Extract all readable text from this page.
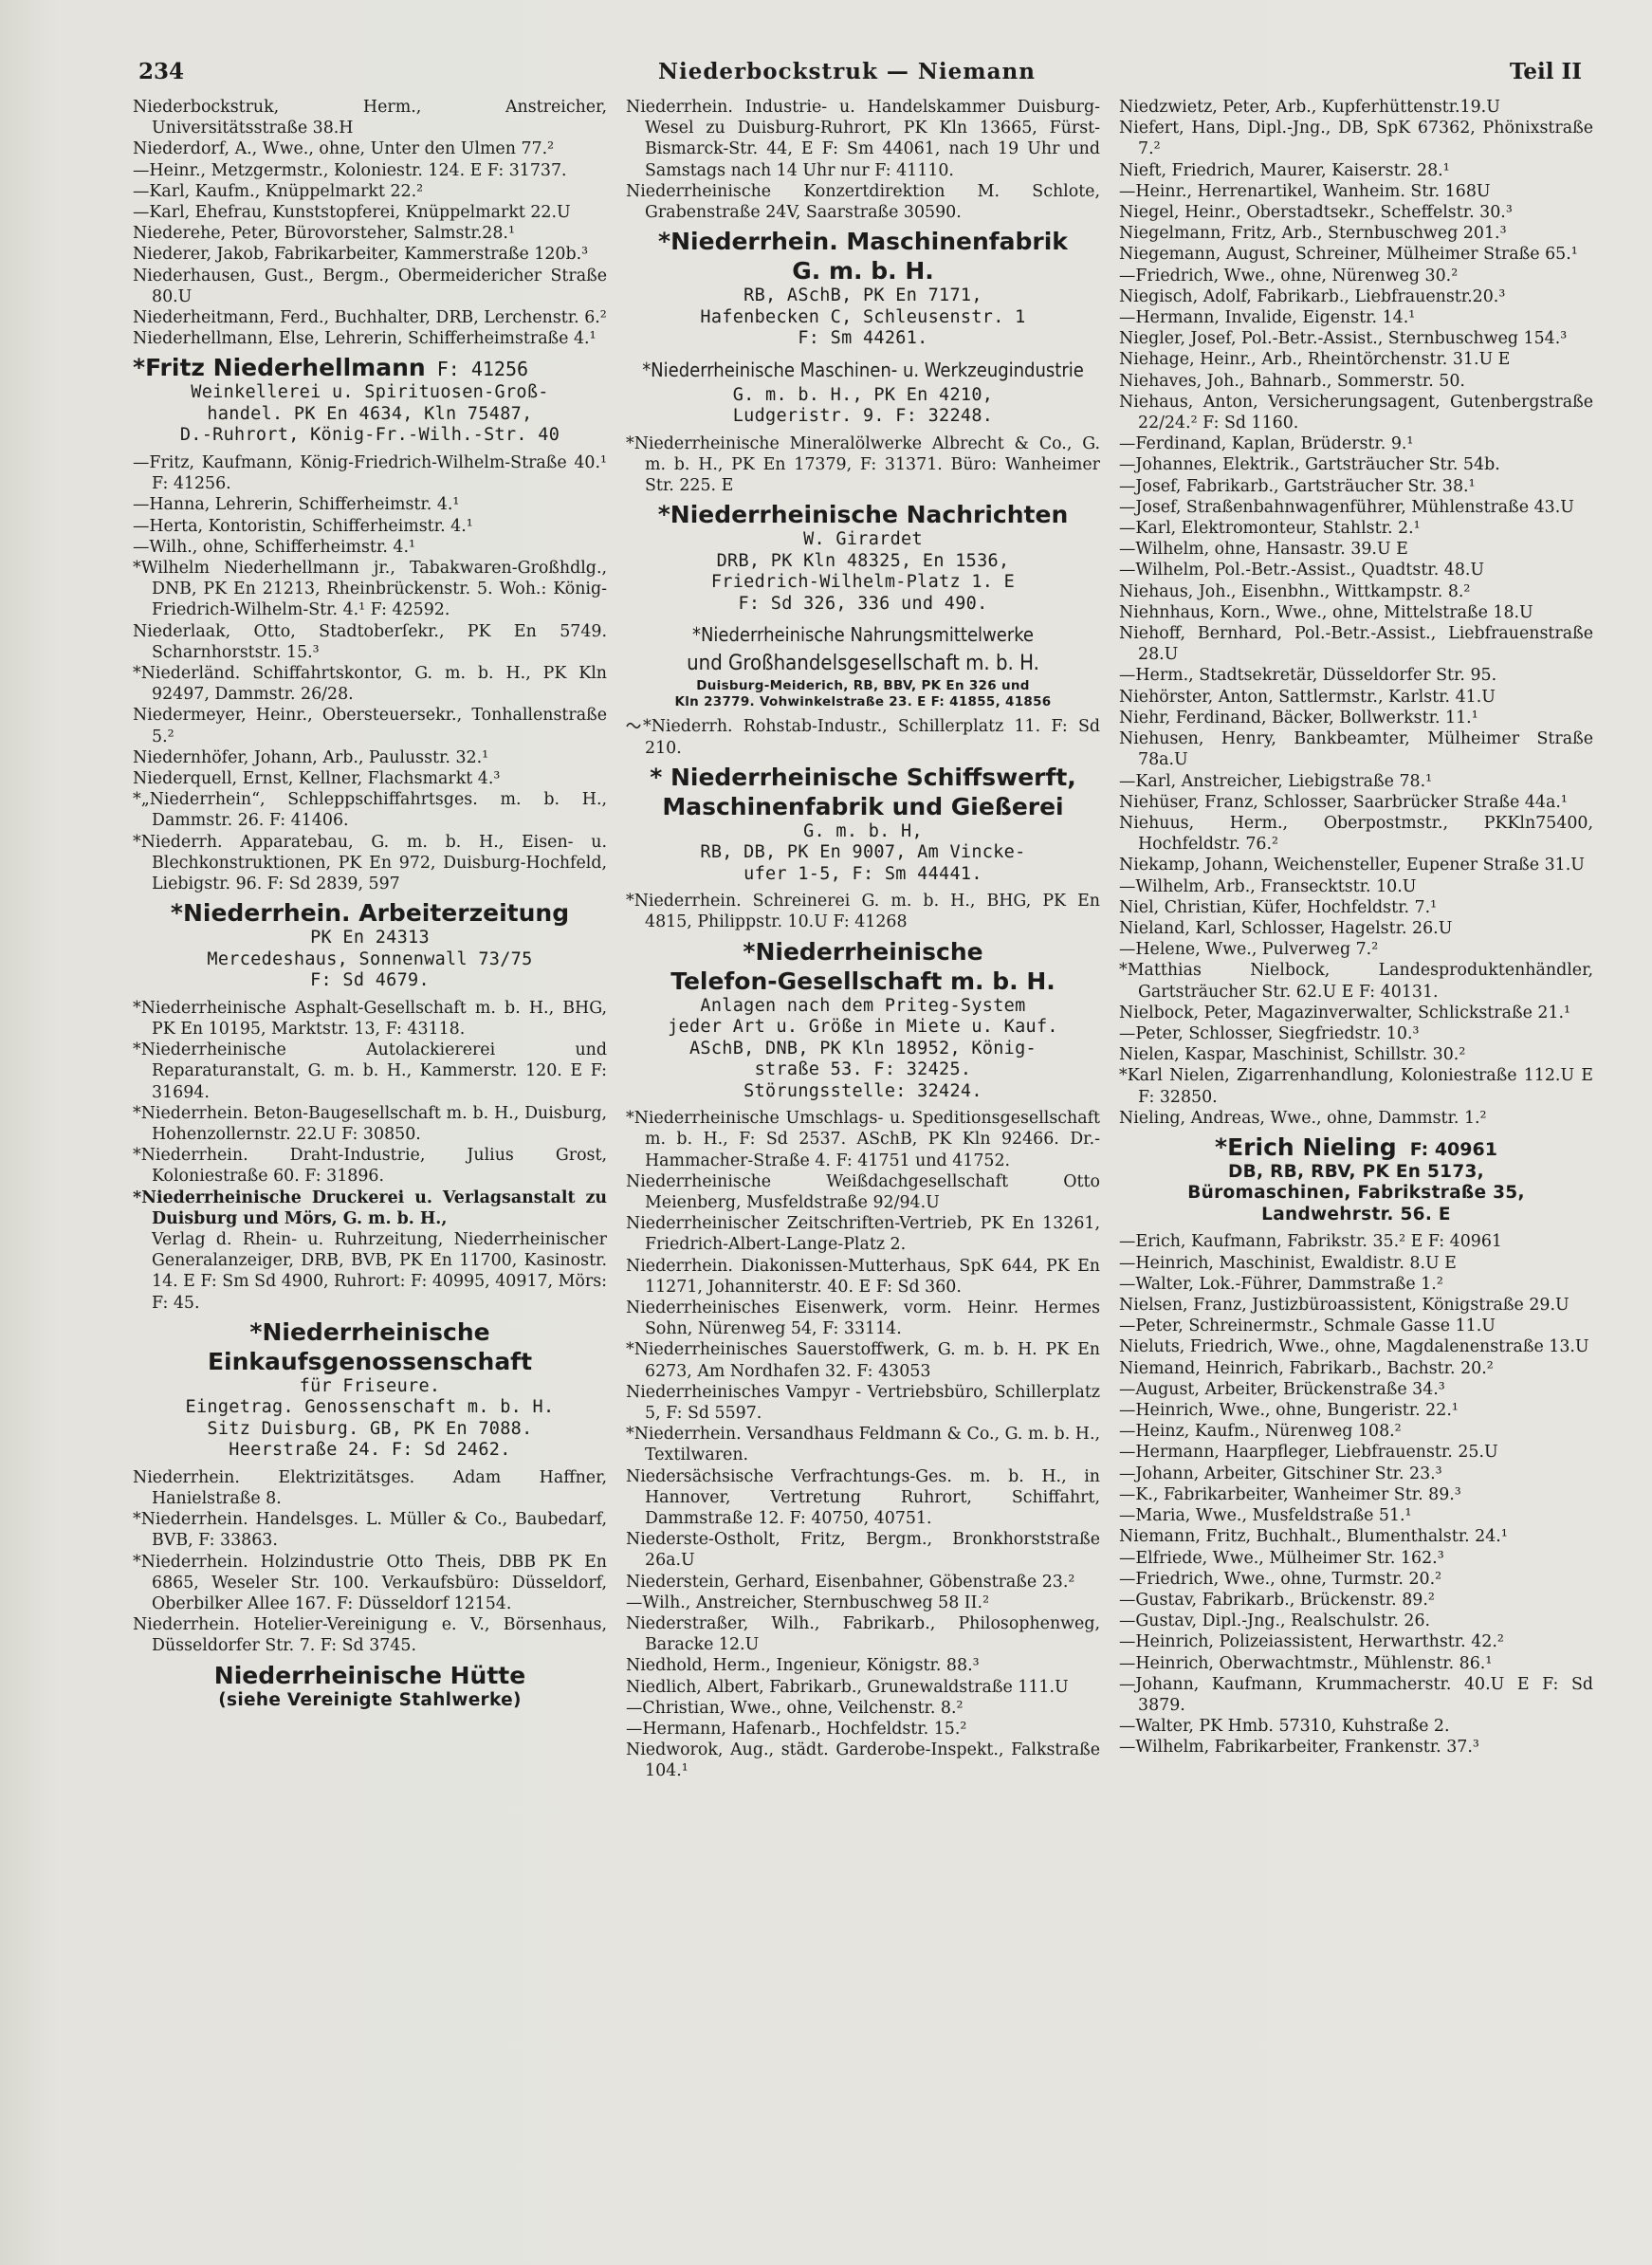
234	Niederbockstruk — Niemann	Teil II

Niederbockstruk, Herm., Anstreicher, Universitätsstraße 38.H

Niederdorf, A., Wwe., ohne, Unter den Ulmen 77.²

—Heinr., Metzgermstr., Koloniestr. 124. E F: 31737.

—Karl, Kaufm., Knüppelmarkt 22.²

—Karl, Ehefrau, Kunststopferei, Knüppelmarkt 22.U

Niederehe, Peter, Bürovorsteher, Salmstr.28.¹

Niederer, Jakob, Fabrikarbeiter, Kammerstraße 120b.³

Niederhausen, Gust., Bergm., Obermeidericher Straße 80.U

Niederheitmann, Ferd., Buchhalter, DRB, Lerchenstr. 6.²

Niederhellmann, Else, Lehrerin, Schifferheimstraße 4.¹

*Fritz Niederhellmann F: 41256
Weinkellerei u. Spirituosen-Groß-
handel. PK En 4634, Kln 75487,
D.-Ruhrort, König-Fr.-Wilh.-Str. 40

—Fritz, Kaufmann, König-Friedrich-Wilhelm-Straße 40.¹ F: 41256.

—Hanna, Lehrerin, Schifferheimstr. 4.¹

—Herta, Kontoristin, Schifferheimstr. 4.¹

—Wilh., ohne, Schifferheimstr. 4.¹

*Wilhelm Niederhellmann jr., Tabakwaren-Großhdlg., DNB, PK En 21213, Rheinbrückenstr. 5. Woh.: König-Friedrich-Wilhelm-Str. 4.¹ F: 42592.

Niederlaak, Otto, Stadtoberſekr., PK En 5749. Scharnhorststr. 15.³

*Niederländ. Schiffahrtskontor, G. m. b. H., PK Kln 92497, Dammstr. 26/28.

Niedermeyer, Heinr., Obersteuersekr., Tonhallenstraße 5.²

Niedernhöfer, Johann, Arb., Paulusstr. 32.¹

Niederquell, Ernst, Kellner, Flachsmarkt 4.³

*„Niederrhein“, Schleppschiffahrtsges. m. b. H., Dammstr. 26. F: 41406.

*Niederrh. Apparatebau, G. m. b. H., Eisen- u. Blechkonstruktionen, PK En 972, Duisburg-Hochfeld, Liebigstr. 96. F: Sd 2839, 597

*Niederrhein. Arbeiterzeitung
PK En 24313
Mercedeshaus, Sonnenwall 73/75
F: Sd 4679.

*Niederrheinische Asphalt-Gesellschaft m. b. H., BHG, PK En 10195, Marktstr. 13, F: 43118.

*Niederrheinische Autolackiererei und Reparaturanstalt, G. m. b. H., Kammerstr. 120. E F: 31694.

*Niederrhein. Beton-Baugesellschaft m. b. H., Duisburg, Hohenzollernstr. 22.U F: 30850.

*Niederrhein. Draht-Industrie, Julius Grost, Koloniestraße 60. F: 31896.

*Niederrheinische Druckerei u. Verlagsanstalt zu Duisburg und Mörs, G. m. b. H.,

Verlag d. Rhein- u. Ruhrzeitung, Niederrheinischer Generalanzeiger, DRB, BVB, PK En 11700, Kasinostr. 14. E F: Sm Sd 4900, Ruhrort: F: 40995, 40917, Mörs: F: 45.

*Niederrheinische
Einkaufsgenossenschaft
für Friseure.
Eingetrag. Genossenschaft m. b. H.
Sitz Duisburg. GB, PK En 7088.
Heerstraße 24. F: Sd 2462.

Niederrhein. Elektrizitätsges. Adam Haffner, Hanielstraße 8.

*Niederrhein. Handelsges. L. Müller & Co., Baubedarf, BVB, F: 33863.

*Niederrhein. Holzindustrie Otto Theis, DBB PK En 6865, Weseler Str. 100. Verkaufsbüro: Düsseldorf, Oberbilker Allee 167. F: Düsseldorf 12154.

Niederrhein. Hotelier-Vereinigung e. V., Börsenhaus, Düsseldorfer Str. 7. F: Sd 3745.

Niederrheinische Hütte
(siehe Vereinigte Stahlwerke)

Niederrhein. Industrie- u. Handelskammer Duisburg-Wesel zu Duisburg-Ruhrort, PK Kln 13665, Fürst-Bismarck-Str. 44, E F: Sm 44061, nach 19 Uhr und Samstags nach 14 Uhr nur F: 41110.

Niederrheinische Konzertdirektion M. Schlote, Grabenstraße 24V, Saarstraße 30590.

*Niederrhein. Maschinenfabrik
G. m. b. H.
RB, ASchB, PK En 7171,
Hafenbecken C, Schleusenstr. 1
F: Sm 44261.
*Niederrheinische Maschinen- u. Werkzeugindustrie
G. m. b. H., PK En 4210,
Ludgeristr. 9. F: 32248.

*Niederrheinische Mineralölwerke Albrecht & Co., G. m. b. H., PK En 17379, F: 31371. Büro: Wanheimer Str. 225. E

*Niederrheinische Nachrichten
W. Girardet
DRB, PK Kln 48325, En 1536,
Friedrich-Wilhelm-Platz 1. E
F: Sd 326, 336 und 490.
*Niederrheinische Nahrungsmittelwerke
und Großhandelsgesellschaft m. b. H.
Duisburg-Meiderich, RB, BBV, PK En 326 und
Kln 23779. Vohwinkelstraße 23. E F: 41855, 41856

*Niederrh. Rohstab-Industr., Schillerplatz 11. F: Sd 210.

* Niederrheinische Schiffswerft,
Maschinenfabrik und Gießerei
G. m. b. H,
RB, DB, PK En 9007, Am Vincke-
ufer 1-5, F: Sm 44441.

*Niederrhein. Schreinerei G. m. b. H., BHG, PK En 4815, Philippstr. 10.U F: 41268

*Niederrheinische
Telefon-Gesellschaft m. b. H.
Anlagen nach dem Priteg-System
jeder Art u. Größe in Miete u. Kauf.
ASchB, DNB, PK Kln 18952, König-
straße 53. F: 32425.
Störungsstelle: 32424.

*Niederrheinische Umschlags- u. Speditionsgesellschaft m. b. H., F: Sd 2537. ASchB, PK Kln 92466. Dr.-Hammacher-Straße 4. F: 41751 und 41752.

Niederrheinische Weißdachgesellschaft Otto Meienberg, Musfeldstraße 92/94.U

Niederrheinischer Zeitschriften-Vertrieb, PK En 13261, Friedrich-Albert-Lange-Platz 2.

Niederrhein. Diakonissen-Mutterhaus, SpK 644, PK En 11271, Johanniterstr. 40. E F: Sd 360.

Niederrheinisches Eisenwerk, vorm. Heinr. Hermes Sohn, Nürenweg 54, F: 33114.

*Niederrheinisches Sauerstoffwerk, G. m. b. H. PK En 6273, Am Nordhafen 32. F: 43053

Niederrheinisches Vampyr - Vertriebsbüro, Schillerplatz 5, F: Sd 5597.

*Niederrhein. Versandhaus Feldmann & Co., G. m. b. H., Textilwaren.

Niedersächsische Verfrachtungs-Ges. m. b. H., in Hannover, Vertretung Ruhrort, Schiffahrt, Dammstraße 12. F: 40750, 40751.

Niederste-Ostholt, Fritz, Bergm., Bronkhorststraße 26a.U

Niederstein, Gerhard, Eisenbahner, Göbenstraße 23.²

—Wilh., Anstreicher, Sternbuschweg 58 II.²

Niederstraßer, Wilh., Fabrikarb., Philosophenweg, Baracke 12.U

Niedhold, Herm., Ingenieur, Königstr. 88.³

Niedlich, Albert, Fabrikarb., Grunewaldstraße 111.U

—Christian, Wwe., ohne, Veilchenstr. 8.²

—Hermann, Hafenarb., Hochfeldstr. 15.²

Niedworok, Aug., städt. Garderobe-Inspekt., Falkstraße 104.¹

Niedzwietz, Peter, Arb., Kupferhüttenstr.19.U

Niefert, Hans, Dipl.-Jng., DB, SpK 67362, Phönixstraße 7.²

Nieft, Friedrich, Maurer, Kaiserstr. 28.¹

—Heinr., Herrenartikel, Wanheim. Str. 168U

Niegel, Heinr., Oberstadtsekr., Scheffelstr. 30.³

Niegelmann, Fritz, Arb., Sternbuschweg 201.³

Niegemann, August, Schreiner, Mülheimer Straße 65.¹

—Friedrich, Wwe., ohne, Nürenweg 30.²

Niegisch, Adolf, Fabrikarb., Liebfrauenstr.20.³

—Hermann, Invalide, Eigenstr. 14.¹

Niegler, Josef, Pol.-Betr.-Assist., Sternbuschweg 154.³

Niehage, Heinr., Arb., Rheintörchenstr. 31.U E

Niehaves, Joh., Bahnarb., Sommerstr. 50.

Niehaus, Anton, Versicherungsagent, Gutenbergstraße 22/24.² F: Sd 1160.

—Ferdinand, Kaplan, Brüderstr. 9.¹

—Johannes, Elektrik., Gartsträucher Str. 54b.

—Josef, Fabrikarb., Gartsträucher Str. 38.¹

—Josef, Straßenbahnwagenführer, Mühlenstraße 43.U

—Karl, Elektromonteur, Stahlstr. 2.¹

—Wilhelm, ohne, Hansastr. 39.U E

—Wilhelm, Pol.-Betr.-Assist., Quadtstr. 48.U

Niehaus, Joh., Eisenbhn., Wittkampstr. 8.²

Niehnhaus, Korn., Wwe., ohne, Mittelstraße 18.U

Niehoff, Bernhard, Pol.-Betr.-Assist., Liebfrauenstraße 28.U

—Herm., Stadtsekretär, Düsseldorfer Str. 95.

Niehörster, Anton, Sattlermstr., Karlstr. 41.U

Niehr, Ferdinand, Bäcker, Bollwerkstr. 11.¹

Niehusen, Henry, Bankbeamter, Mülheimer Straße 78a.U

—Karl, Anstreicher, Liebigstraße 78.¹

Niehüser, Franz, Schlosser, Saarbrücker Straße 44a.¹

Niehuus, Herm., Oberpostmstr., PKKln75400, Hochfeldstr. 76.²

Niekamp, Johann, Weichensteller, Eupener Straße 31.U

—Wilhelm, Arb., Fransecktstr. 10.U

Niel, Christian, Küfer, Hochfeldstr. 7.¹

Nieland, Karl, Schlosser, Hagelstr. 26.U

—Helene, Wwe., Pulverweg 7.²

*Matthias Nielbock, Landesproduktenhändler, Gartsträucher Str. 62.U E F: 40131.

Nielbock, Peter, Magazinverwalter, Schlickstraße 21.¹

—Peter, Schlosser, Siegfriedstr. 10.³

Nielen, Kaspar, Maschinist, Schillstr. 30.²

*Karl Nielen, Zigarrenhandlung, Koloniestraße 112.U E F: 32850.

Nieling, Andreas, Wwe., ohne, Dammstr. 1.²

*Erich Nieling F: 40961
DB, RB, RBV, PK En 5173,
Büromaschinen, Fabrikstraße 35,
Landwehrstr. 56. E

—Erich, Kaufmann, Fabrikstr. 35.² E F: 40961

—Heinrich, Maschinist, Ewaldistr. 8.U E

—Walter, Lok.-Führer, Dammstraße 1.²

Nielsen, Franz, Justizbüroassistent, Königstraße 29.U

—Peter, Schreinermstr., Schmale Gasse 11.U

Nieluts, Friedrich, Wwe., ohne, Magdalenenstraße 13.U

Niemand, Heinrich, Fabrikarb., Bachstr. 20.²

—August, Arbeiter, Brückenstraße 34.³

—Heinrich, Wwe., ohne, Bungeristr. 22.¹

—Heinz, Kaufm., Nürenweg 108.²

—Hermann, Haarpfleger, Liebfrauenstr. 25.U

—Johann, Arbeiter, Gitschiner Str. 23.³

—K., Fabrikarbeiter, Wanheimer Str. 89.³

—Maria, Wwe., Musfeldstraße 51.¹

Niemann, Fritz, Buchhalt., Blumenthalstr. 24.¹

—Elfriede, Wwe., Mülheimer Str. 162.³

—Friedrich, Wwe., ohne, Turmstr. 20.²

—Gustav, Fabrikarb., Brückenstr. 89.²

—Gustav, Dipl.-Jng., Realschulstr. 26.

—Heinrich, Polizeiassistent, Herwarthstr. 42.²

—Heinrich, Oberwachtmstr., Mühlenstr. 86.¹

—Johann, Kaufmann, Krummacherstr. 40.U E F: Sd 3879.

—Walter, PK Hmb. 57310, Kuhstraße 2.

—Wilhelm, Fabrikarbeiter, Frankenstr. 37.³
